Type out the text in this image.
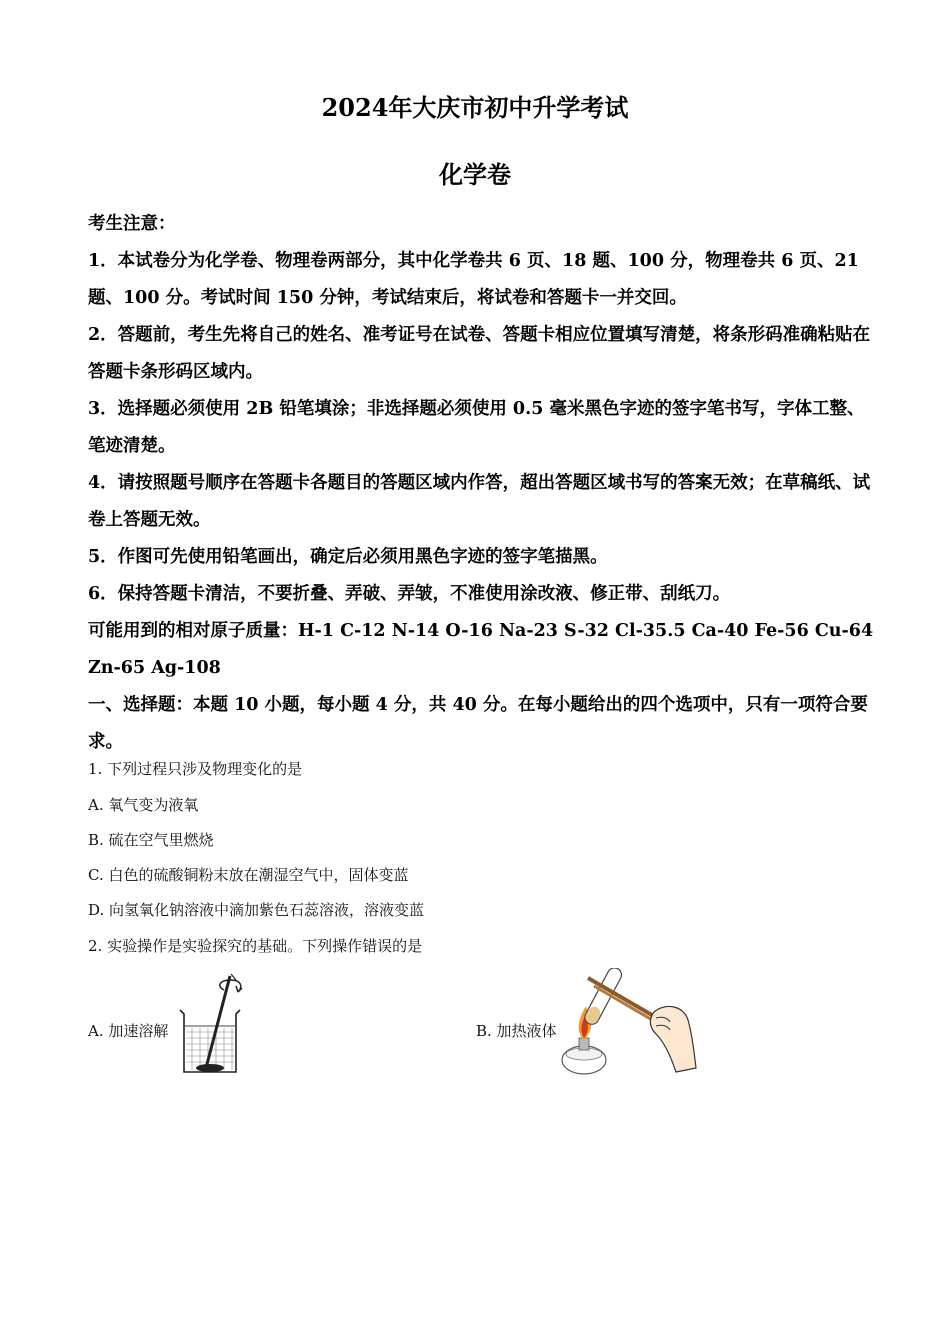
2024年大庆市初中升学考试
化学卷

考生注意：

1．本试卷分为化学卷、物理卷两部分，其中化学卷共 6 页、18 题、100 分，物理卷共 6 页、21 题、100 分。考试时间 150 分钟，考试结束后，将试卷和答题卡一并交回。

2．答题前，考生先将自己的姓名、准考证号在试卷、答题卡相应位置填写清楚，将条形码准确粘贴在答题卡条形码区域内。

3．选择题必须使用 2B 铅笔填涂；非选择题必须使用 0.5 毫米黑色字迹的签字笔书写，字体工整、笔迹清楚。

4．请按照题号顺序在答题卡各题目的答题区域内作答，超出答题区域书写的答案无效；在草稿纸、试卷上答题无效。

5．作图可先使用铅笔画出，确定后必须用黑色字迹的签字笔描黑。

6．保持答题卡清洁，不要折叠、弄破、弄皱，不准使用涂改液、修正带、刮纸刀。

可能用到的相对原子质量：H-1 C-12 N-14 O-16 Na-23 S-32 Cl-35.5 Ca-40 Fe-56 Cu-64 Zn-65 Ag-108

一、选择题：本题 10 小题，每小题 4 分，共 40 分。在每小题给出的四个选项中，只有一项符合要求。

1. 下列过程只涉及物理变化的是
A. 氧气变为液氧
B. 硫在空气里燃烧
C. 白色的硫酸铜粉末放在潮湿空气中，固体变蓝
D. 向氢氧化钠溶液中滴加紫色石蕊溶液，溶液变蓝
2. 实验操作是实验探究的基础。下列操作错误的是
A. 加速溶解	B. 加热液体
